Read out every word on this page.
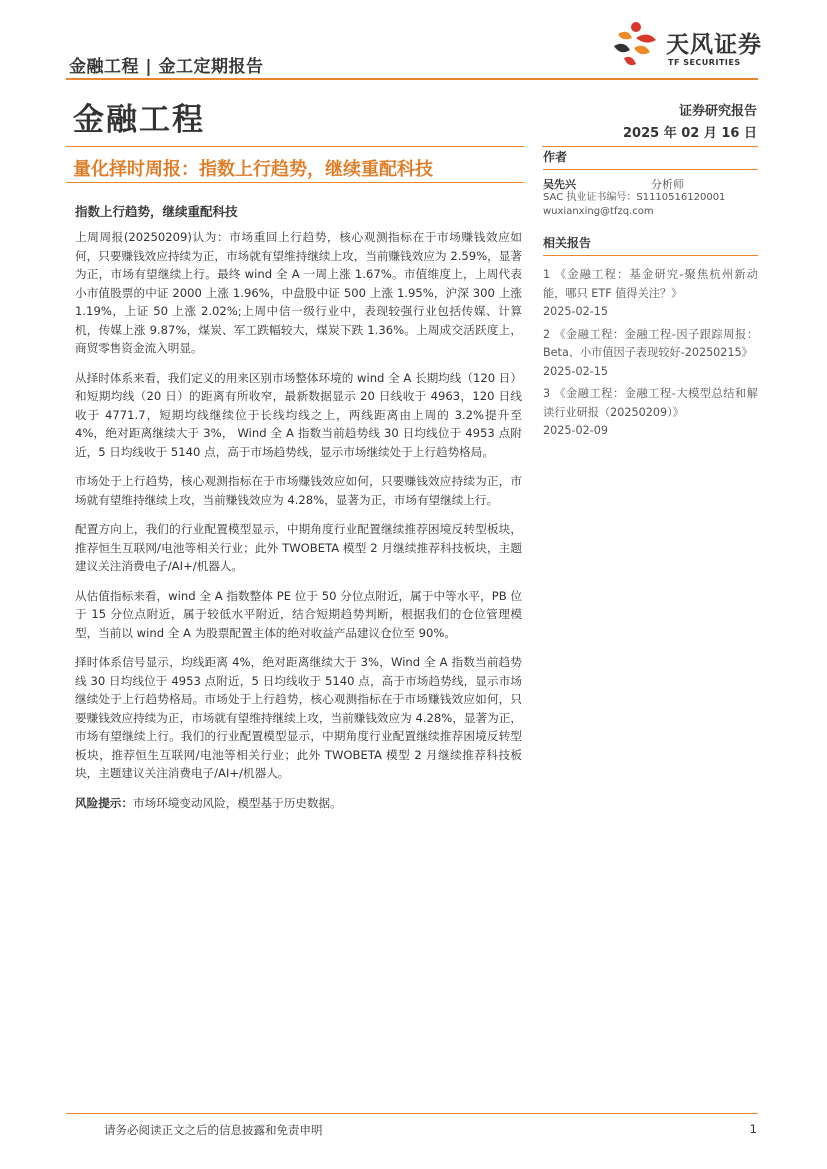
金融工程 | 金工定期报告
天风证券
TF SECURITIES
金融工程	证券研究报告
2025 年 02 月 16 日
量化择时周报：指数上行趋势，继续重配科技
指数上行趋势，继续重配科技

上周周报(20250209)认为：市场重回上行趋势，核心观测指标在于市场赚钱效应如何，只要赚钱效应持续为正，市场就有望维持继续上攻，当前赚钱效应为 2.59%，显著为正，市场有望继续上行。最终 wind 全 A 一周上涨 1.67%。市值维度上，上周代表小市值股票的中证 2000 上涨 1.96%，中盘股中证 500 上涨 1.95%，沪深 300 上涨 1.19%，上证 50 上涨 2.02%;上周中信一级行业中，表现较强行业包括传媒、计算机，传媒上涨 9.87%，煤炭、军工跌幅较大，煤炭下跌 1.36%。上周成交活跃度上，商贸零售资金流入明显。

从择时体系来看，我们定义的用来区别市场整体环境的 wind 全 A 长期均线（120 日）和短期均线（20 日）的距离有所收窄，最新数据显示 20 日线收于 4963，120 日线收于 4771.7，短期均线继续位于长线均线之上，两线距离由上周的 3.2%提升至 4%，绝对距离继续大于 3%， Wind 全 A 指数当前趋势线 30 日均线位于 4953 点附近，5 日均线收于 5140 点，高于市场趋势线，显示市场继续处于上行趋势格局。

市场处于上行趋势，核心观测指标在于市场赚钱效应如何，只要赚钱效应持续为正，市场就有望维持继续上攻，当前赚钱效应为 4.28%，显著为正，市场有望继续上行。

配置方向上，我们的行业配置模型显示，中期角度行业配置继续推荐困境反转型板块，推荐恒生互联网/电池等相关行业；此外 TWOBETA 模型 2 月继续推荐科技板块，主题建议关注消费电子/AI+/机器人。

从估值指标来看，wind 全 A 指数整体 PE 位于 50 分位点附近，属于中等水平，PB 位于 15 分位点附近，属于较低水平附近，结合短期趋势判断，根据我们的仓位管理模型，当前以 wind 全 A 为股票配置主体的绝对收益产品建议仓位至 90%。

择时体系信号显示，均线距离 4%，绝对距离继续大于 3%，Wind 全 A 指数当前趋势线 30 日均线位于 4953 点附近，5 日均线收于 5140 点，高于市场趋势线，显示市场继续处于上行趋势格局。市场处于上行趋势，核心观测指标在于市场赚钱效应如何，只要赚钱效应持续为正，市场就有望维持继续上攻，当前赚钱效应为 4.28%，显著为正，市场有望继续上行。我们的行业配置模型显示，中期角度行业配置继续推荐困境反转型板块，推荐恒生互联网/电池等相关行业；此外 TWOBETA 模型 2 月继续推荐科技板块，主题建议关注消费电子/AI+/机器人。

风险提示：市场环境变动风险，模型基于历史数据。

作者
吴先兴	分析师
SAC 执业证书编号：S1110516120001
wuxianxing@tfzq.com
相关报告
1 《金融工程：基金研究-聚焦杭州新动能，哪只 ETF 值得关注？》
2025-02-15
2 《金融工程：金融工程-因子跟踪周报：Beta、小市值因子表现较好-20250215》
2025-02-15
3 《金融工程：金融工程-大模型总结和解读行业研报（20250209）》
2025-02-09
请务必阅读正文之后的信息披露和免责申明	1
